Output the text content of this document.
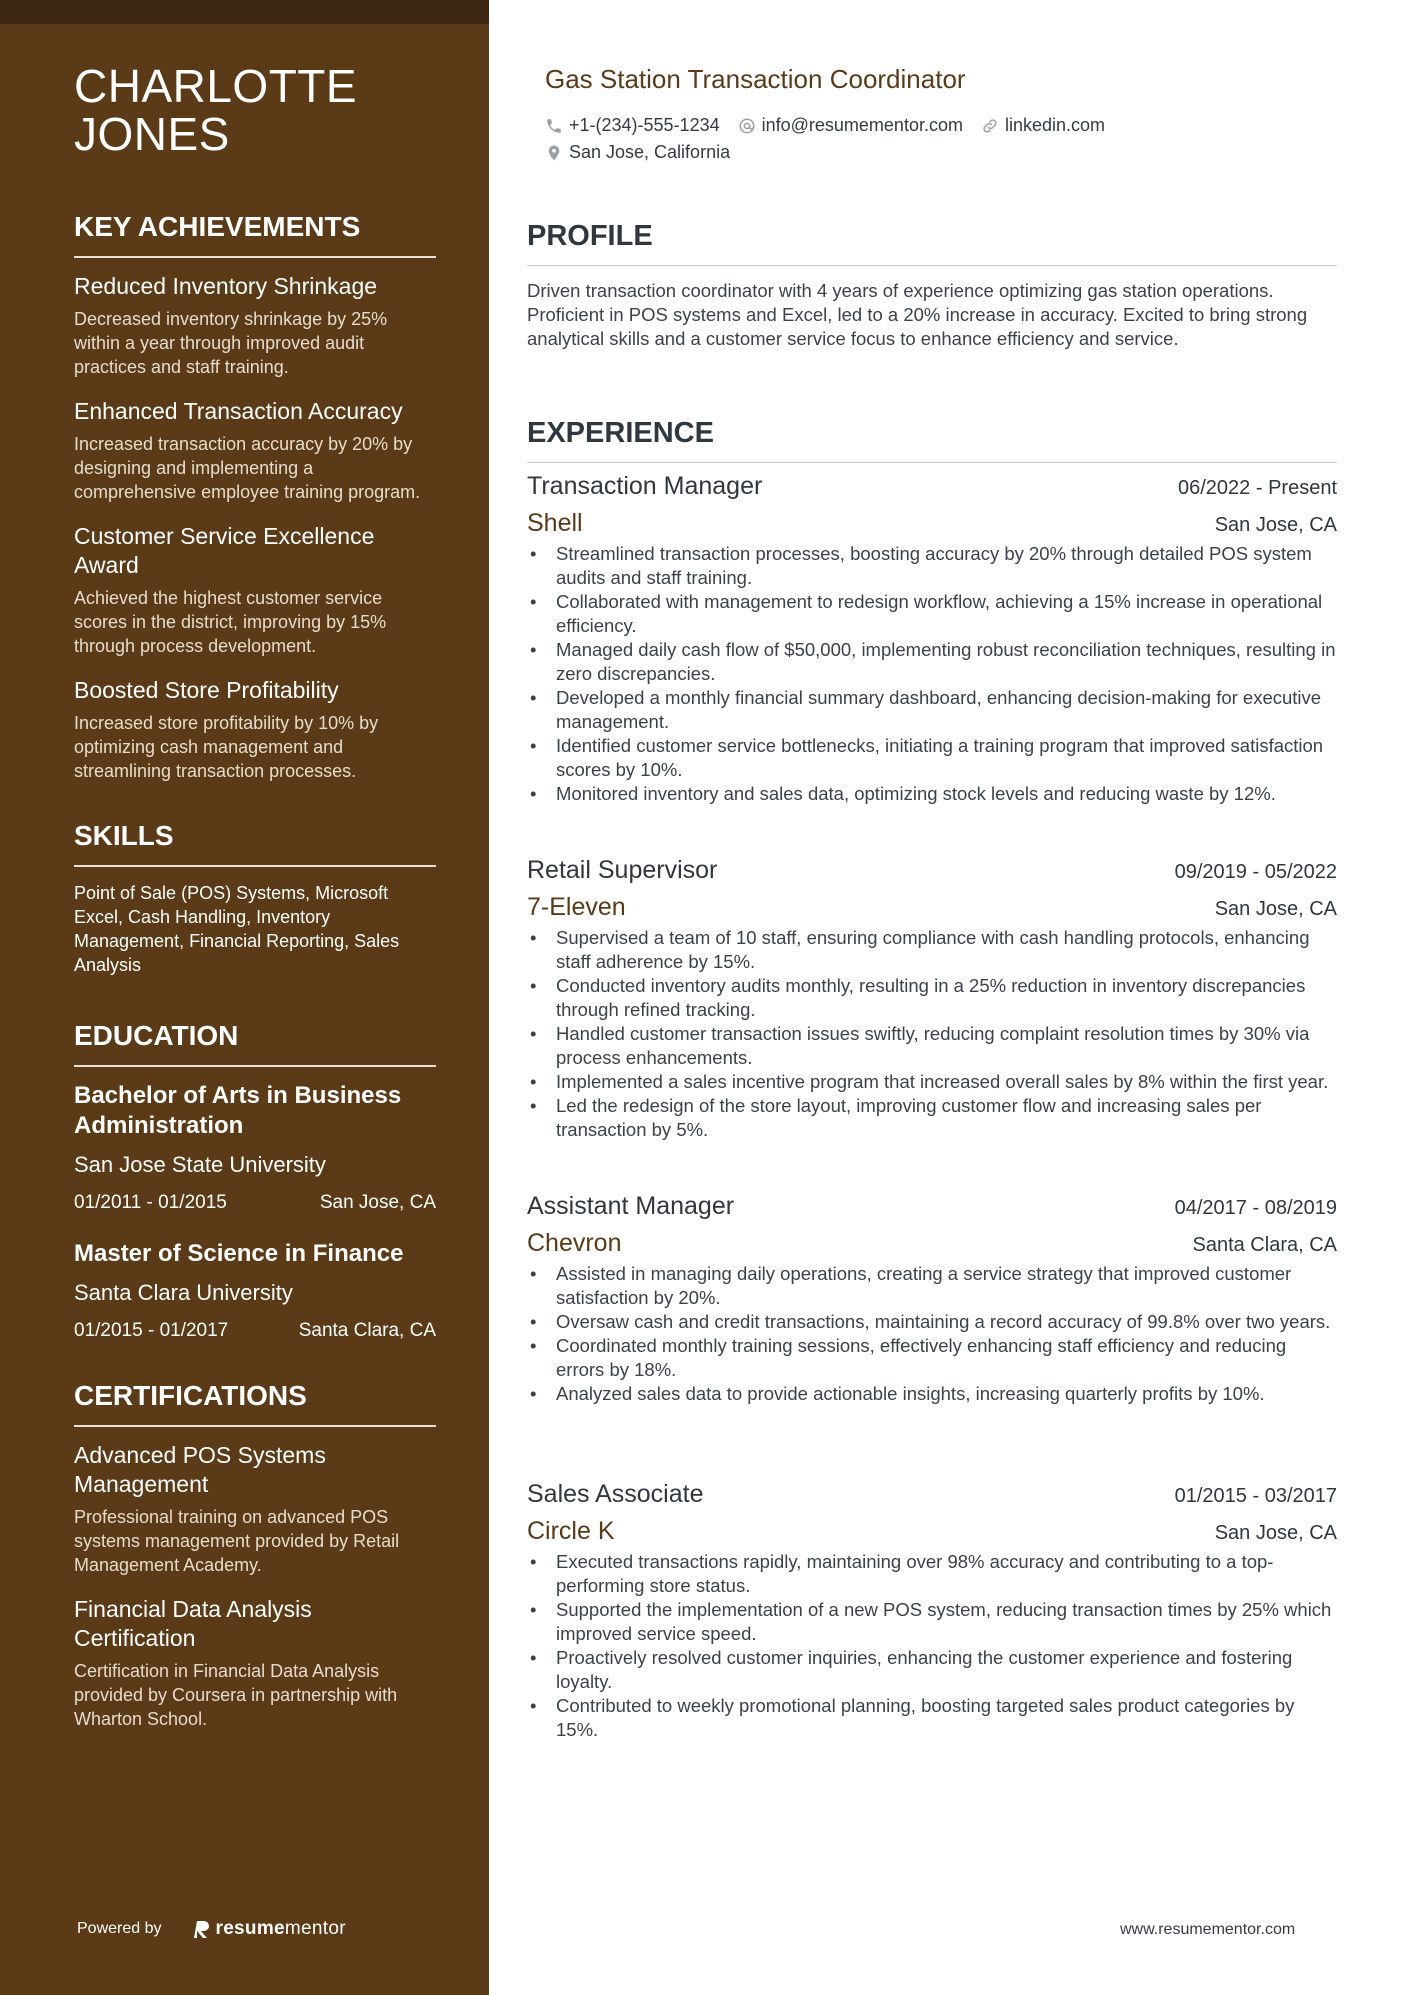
CHARLOTTE
JONES
KEY ACHIEVEMENTS
Reduced Inventory Shrinkage
Decreased inventory shrinkage by 25% within a year through improved audit practices and staff training.
Enhanced Transaction Accuracy
Increased transaction accuracy by 20% by designing and implementing a comprehensive employee training program.
Customer Service Excellence Award
Achieved the highest customer service scores in the district, improving by 15% through process development.
Boosted Store Profitability
Increased store profitability by 10% by optimizing cash management and streamlining transaction processes.
SKILLS
Point of Sale (POS) Systems, Microsoft Excel, Cash Handling, Inventory Management, Financial Reporting, Sales Analysis
EDUCATION
Bachelor of Arts in Business Administration
San Jose State University
01/2011 - 01/2015	San Jose, CA
Master of Science in Finance
Santa Clara University
01/2015 - 01/2017	Santa Clara, CA
CERTIFICATIONS
Advanced POS Systems Management
Professional training on advanced POS systems management provided by Retail Management Academy.
Financial Data Analysis Certification
Certification in Financial Data Analysis provided by Coursera in partnership with Wharton School.
Powered by	resume mentor
Gas Station Transaction Coordinator
+1-(234)-555-1234 info@resumementor.com linkedin.com
San Jose, California
PROFILE

Driven transaction coordinator with 4 years of experience optimizing gas station operations. Proficient in POS systems and Excel, led to a 20% increase in accuracy. Excited to bring strong analytical skills and a customer service focus to enhance efficiency and service.

EXPERIENCE
Transaction Manager	06/2022 - Present
Shell	San Jose, CA
• Streamlined transaction processes, boosting accuracy by 20% through detailed POS system audits and staff training.
• Collaborated with management to redesign workflow, achieving a 15% increase in operational efficiency.
• Managed daily cash flow of $50,000, implementing robust reconciliation techniques, resulting in zero discrepancies.
• Developed a monthly financial summary dashboard, enhancing decision-making for executive management.
• Identified customer service bottlenecks, initiating a training program that improved satisfaction scores by 10%.
• Monitored inventory and sales data, optimizing stock levels and reducing waste by 12%.
Retail Supervisor	09/2019 - 05/2022
7-Eleven	San Jose, CA
• Supervised a team of 10 staff, ensuring compliance with cash handling protocols, enhancing staff adherence by 15%.
• Conducted inventory audits monthly, resulting in a 25% reduction in inventory discrepancies through refined tracking.
• Handled customer transaction issues swiftly, reducing complaint resolution times by 30% via process enhancements.
• Implemented a sales incentive program that increased overall sales by 8% within the first year.
• Led the redesign of the store layout, improving customer flow and increasing sales per transaction by 5%.
Assistant Manager	04/2017 - 08/2019
Chevron	Santa Clara, CA
• Assisted in managing daily operations, creating a service strategy that improved customer satisfaction by 20%.
• Oversaw cash and credit transactions, maintaining a record accuracy of 99.8% over two years.
• Coordinated monthly training sessions, effectively enhancing staff efficiency and reducing errors by 18%.
• Analyzed sales data to provide actionable insights, increasing quarterly profits by 10%.
Sales Associate	01/2015 - 03/2017
Circle K	San Jose, CA
• Executed transactions rapidly, maintaining over 98% accuracy and contributing to a top-performing store status.
• Supported the implementation of a new POS system, reducing transaction times by 25% which improved service speed.
• Proactively resolved customer inquiries, enhancing the customer experience and fostering loyalty.
• Contributed to weekly promotional planning, boosting targeted sales product categories by 15%.
www.resumementor.com
